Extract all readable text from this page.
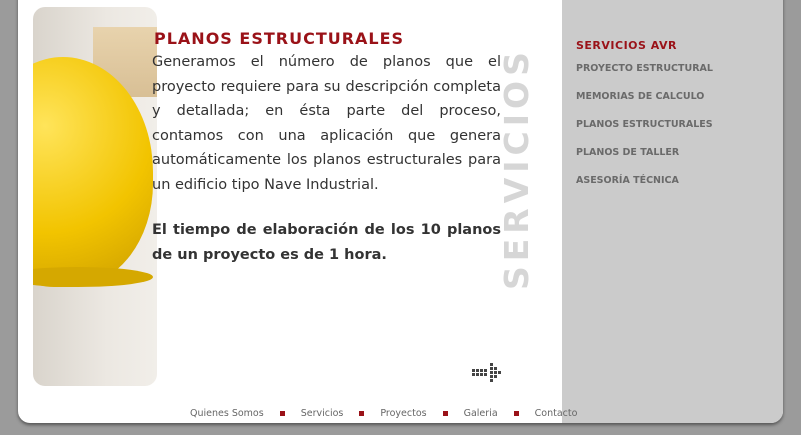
PLANOS ESTRUCTURALES
Generamos el número de planos que el proyecto requiere para su descripción completa y detallada; en ésta parte del proceso, contamos con una aplicación que genera automáticamente los planos estructurales para un edificio tipo Nave Industrial.
El tiempo de elaboración de los 10 planos de un proyecto es de 1 hora.	SERVICIOS
SERVICIOS AVR
PROYECTO ESTRUCTURAL
MEMORIAS DE CALCULO
PLANOS ESTRUCTURALES
PLANOS DE TALLER
ASESORÍA TÉCNICA
Quienes Somos	Servicios	Proyectos	Galeria	Contacto
